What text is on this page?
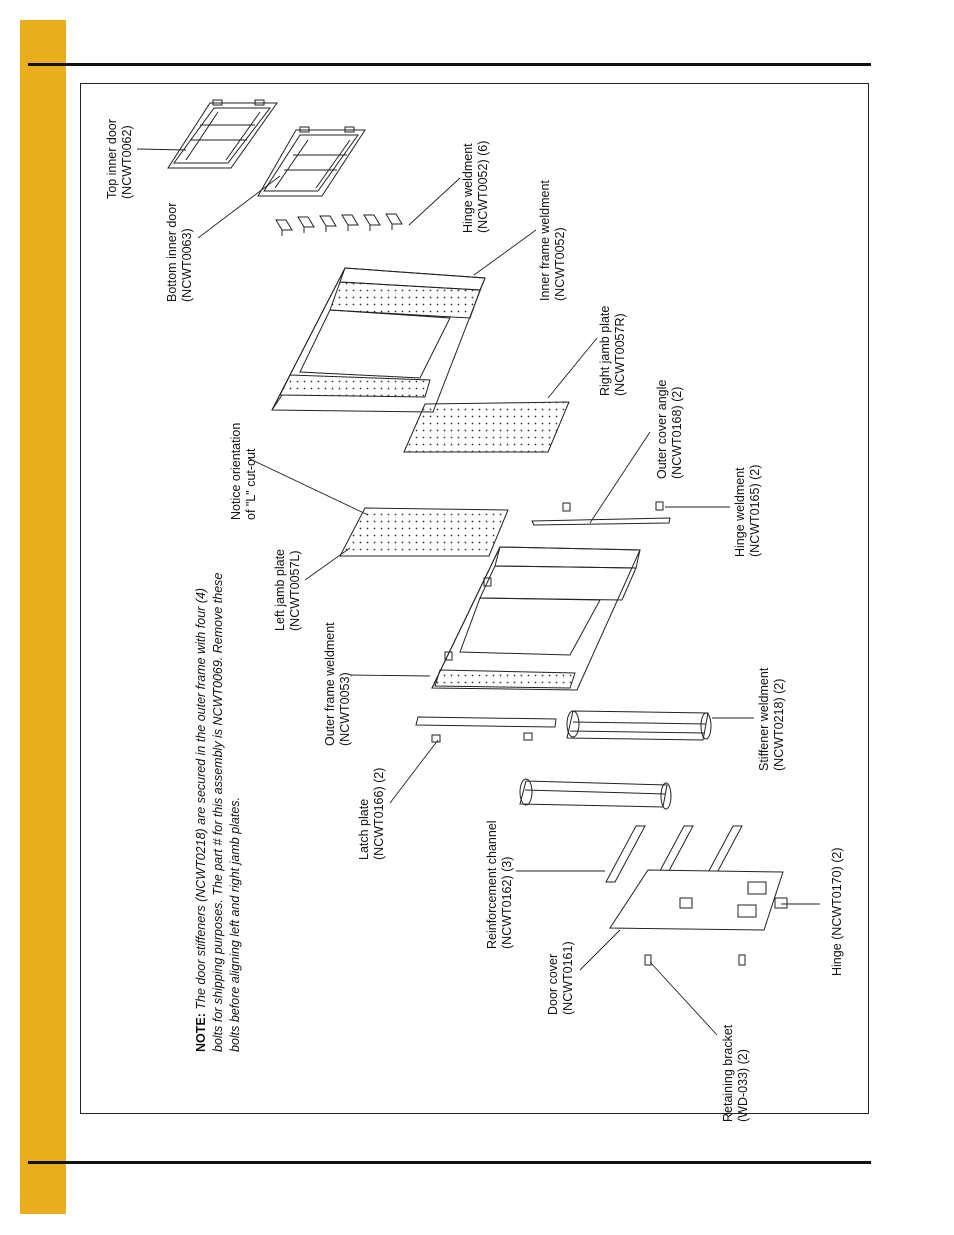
Top inner door (NCWT0062)
Bottom inner door (NCWT0063)
Hinge weldment (NCWT0052) (6)	Inner frame weldment (NCWT0052)
Right jamb plate (NCWT0057R)
Outer cover angle (NCWT0168) (2)
Hinge weldment (NCWT0165) (2)
Notice orientation of "L" cut-out
Left jamb plate (NCWT0057L)
Outer frame weldment (NCWT0053)	Stiffener weldment (NCWT0218) (2)
Latch plate (NCWT0166) (2)
Reinforcement channel (NCWT0162) (3)
Door cover (NCWT0161)
Hinge (NCWT0170) (2)
Retaining bracket (WD-033) (2)
NOTE: The door stiffeners (NCWT0218) are secured in the outer frame with four (4) bolts for shipping purposes. The part # for this assembly is NCWT0069. Remove these bolts before aligning left and right jamb plates.
